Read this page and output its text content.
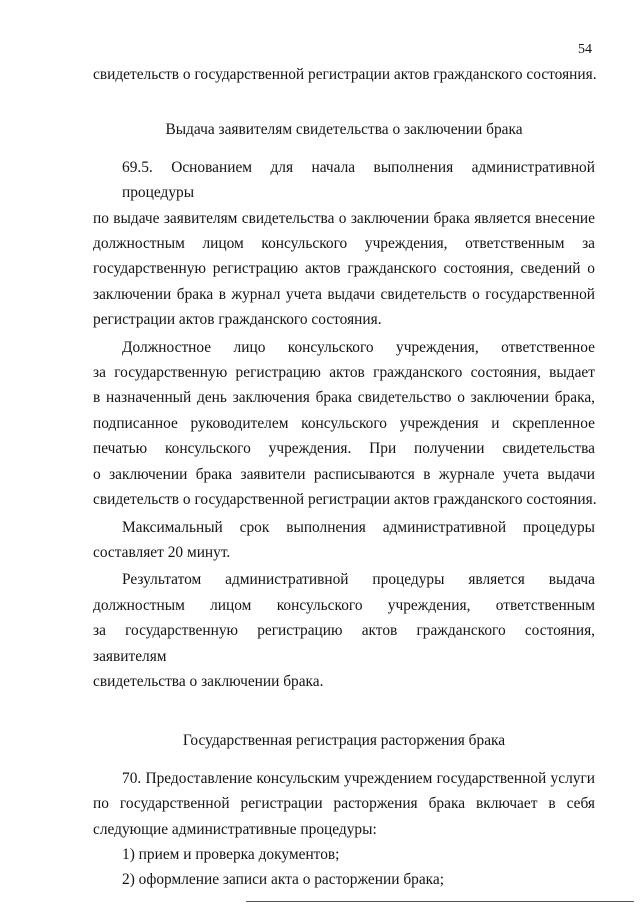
54
свидетельств о государственной регистрации актов гражданского состояния.
Выдача заявителям свидетельства о заключении брака
69.5. Основанием для начала выполнения административной процедуры
по выдаче заявителям свидетельства о заключении брака является внесение
должностным лицом консульского учреждения, ответственным за
государственную регистрацию актов гражданского состояния, сведений о
заключении брака в журнал учета выдачи свидетельств о государственной
регистрации актов гражданского состояния.
Должностное лицо консульского учреждения, ответственное
за государственную регистрацию актов гражданского состояния, выдает
в назначенный день заключения брака свидетельство о заключении брака,
подписанное руководителем консульского учреждения и скрепленное
печатью консульского учреждения. При получении свидетельства
о заключении брака заявители расписываются в журнале учета выдачи
свидетельств о государственной регистрации актов гражданского состояния.
Максимальный срок выполнения административной процедуры
составляет 20 минут.
Результатом административной процедуры является выдача
должностным лицом консульского учреждения, ответственным
за государственную регистрацию актов гражданского состояния, заявителям
свидетельства о заключении брака.
Государственная регистрация расторжения брака
70. Предоставление консульским учреждением государственной услуги
по государственной регистрации расторжения брака включает в себя
следующие административные процедуры:
1) прием и проверка документов;
2) оформление записи акта о расторжении брака;
